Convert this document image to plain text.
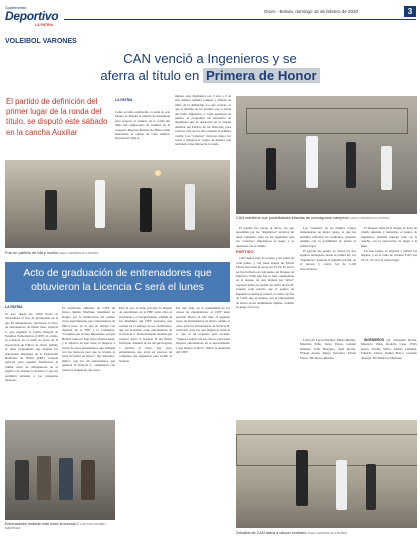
Suplemento
Deportivo
LA PATRIA
Oruro - Bolivia, domingo 16 de febrero de 2020	3
VOLEIBOL VARONES
CAN venció a Ingenieros y se
aferra al título en Primera de Honor
El partido de definición del primer lugar de la ronda del título, se disputó este sábado en la cancha Auxiliar
LA PATRIA
Como se tenía establecido, la tarde de este sábado se disputó el partido de desempate para conocer al primero de la ronda del título del campeonato de voleibol en la categoría Mayores Primera de Honor rama masculina, el equipo de Club Atlético Nacional (CAN) se
impuso ante Ingenieros por 3 sets a 2 de este manera terminó primero y afianzó su título en la definición. Lo que ocurrió, es que al término de los partidos por la ronda del título, Ingenieros y CAN igualaron en puntos, al programar un encuentro de desempate que se desarrolló en la cancha Auxiliar del Palacio de los Deportes, para conocer cuál de los dos ocupaba la primera casilla. Los "canarios" tuvieron mejor los cosas y ganaron el cotejo de manera que terminan como líderes de la ronda.
Fue un partido de ida y vuelta ALEX CAMARGO/LA PATRIA
CAN mantiene sus posibilidades intactas de consagrarse campeón ALEX CAMARGO/LA PATRIA

El partido fue parejo al inicio, los que apostaban por los "ingenieros" tuvieron un buen comienzo, pero en los siguientes sets los "canarios" impusieron su juego y se quedaron con el triunfo.

PARTIDO

CAN nunca bajó los brazos y dio pelea en cada punto, y con buen ataque de Edwin Flores marcaron el tercer set 25-22. El tercer set fue luchado en cada punto, un bloqueo de Mauricio Vidal que fue el más contundente en el ataque, de esta manera los "albos" lograron ganar en sentido un cierre de 25-20. Cuando todo parecía que el equipo de Ingenieros tendría el control, el cuarto set fue de CAN, que se impuso con la Universidad de Oruro en un rendimiento óptimo, avalado su juego en la red.

Los "canarios" en los últimos cotejos demostraron un mejor juego, lo que les permitió remontar los resultados, ganando además con la posibilidad de pelear el primer lugar.

El partido fue parejo, se vieron los dos equipos entregados desde el primer set, los "ingenieros" ganaron el segundo parcial, en el tercero y cuarto los de CAN reaccionaron.

El bloqueo entre en el ataque, se llevó un triunfo ajustado y merecido, el equipo de Ingenieros también entregó todo en la cancha, con la expectativa de llegar a la final.

En este torneo se llegaron a definir los lugares, y en la rama de varones CAN por 25-21, 25-16 y el cuarto lugar.

CAN (3): Lucio Zeballos, Mario Murillo, Mauricio Peña, Javier Flores, Gabriel Jiménez, Iván Huaygua, Juan Rocha, Wilson Apaza, Diego Saavedra, Edwin Flores. DT Marco Murillo.

INGENIEROS (2): Sebastián Rocha, Mauricio Vidal, Rodolfo Cano, Willy Iporre, Freddy Villca, Andrés Lemoine, Eduardo Claros, Daniel Bravo, Gonzalo Arteaga. DT Mauricio Martínez.

Zeballos de CAN ataca a campo contrario ALEX CAMARGO/LA PATRIA
Acto de graduación de entrenadores que
obtuvieron la Licencia C será el lunes
LA PATRIA
El acto desde las 18:00 horas se desarrollará el acto de graduación en el que 49 entrenadores, aprobaron el curso de entrenadores de fútbol base, licencia C, que organizó el Centro Integral de Estudios Futbolísticos (CIEF) el evento se realizará en el salón de actos de la Asociación de Fútbol de Oruro (AFO), se tiene programado que lleguen los principales dirigentes de la Federación Boliviana de Fútbol (FBF). Jornada especial para quienes finalizaron el primer curso de entrenadores en el objetivo de obtener la licencia C que les permitirá entrenar a las categorías menores.
El certificado emitente de CIEF en Oruro, Rubén Martínez, manifestó su alegría por la finalización del primer curso especializado para entrenadores de fútbol base, en el que se trabajó con material de la FBF y la Conmebol. "Creemos que es muy importante, porque Bolivia tiene un bajo nivel internacional, y el objetivo de este curso es mejorar, a través de estos entrenadores que trabajan con los menores para que se levante el nivel de fútbol de Oruro", dijo Martínez. Indicó, que los 49 entrenadores que ganaron la licencia C, cumplieron con todas las exigencias del curso.
Para el acto se tiene previsto, la llegada de autoridades de la FBF, entre ellos el presidente y el vicepresidente, además de los miembros del CIEF nacional, que estarán en la entrega de los certificados, que los acreditan como entrenadores de la licencia C. Posteriormente tendrán que avanzar hacia la licencia B del fútbol boliviano. Además de los 49 que llegaron a aprobar el curso, hay otros entrenadores que están en proceso de completar sus exigencias para recibir la licencia.
Por otro lado, en la continuidad de los cursos de entrenadores, el CIEF tiene previsto iniciar en este mes, el segundo curso de entrenadores en Oruro, siendo el curso para los entrenadores de licencia B, reservado para los que tengan la licencia C, que es un requisito para acceder. "Vamos a seguir con los cursos, para tener mejores entrenadores en el departamento y que mejore el nivel", indicó la autoridad del CIEF.
Entrenadores recibirán este lunes la licencia C CAPTURA RUBÉN MARTÍNEZ
